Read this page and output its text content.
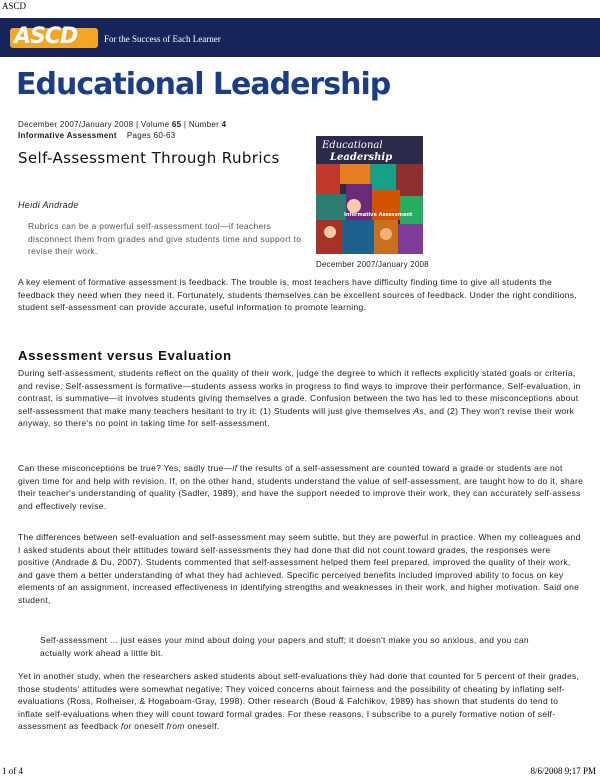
ASCD
ASCD	For the Success of Each Learner
Educational Leadership
December 2007/January 2008 | Volume 65 | Number 4
Informative Assessment Pages 60-63
Self-Assessment Through Rubrics
Heidi Andrade
Rubrics can be a powerful self-assessment tool—if teachers disconnect them from grades and give students time and support to revise their work.
Educational
Leadership
Informative Assessment
December 2007/January 2008

A key element of formative assessment is feedback. The trouble is, most teachers have difficulty finding time to give all students the feedback they need when they need it. Fortunately, students themselves can be excellent sources of feedback. Under the right conditions, student self-assessment can provide accurate, useful information to promote learning.

Assessment versus Evaluation

During self-assessment, students reflect on the quality of their work, judge the degree to which it reflects explicitly stated goals or criteria, and revise. Self-assessment is formative—students assess works in progress to find ways to improve their performance. Self-evaluation, in contrast, is summative—it involves students giving themselves a grade. Confusion between the two has led to these misconceptions about self-assessment that make many teachers hesitant to try it: (1) Students will just give themselves As, and (2) They won't revise their work anyway, so there's no point in taking time for self-assessment.

Can these misconceptions be true? Yes, sadly true—if the results of a self-assessment are counted toward a grade or students are not given time for and help with revision. If, on the other hand, students understand the value of self-assessment, are taught how to do it, share their teacher's understanding of quality (Sadler, 1989), and have the support needed to improve their work, they can accurately self-assess and effectively revise.

The differences between self-evaluation and self-assessment may seem subtle, but they are powerful in practice. When my colleagues and I asked students about their attitudes toward self-assessments they had done that did not count toward grades, the responses were positive (Andrade & Du, 2007). Students commented that self-assessment helped them feel prepared, improved the quality of their work, and gave them a better understanding of what they had achieved. Specific perceived benefits included improved ability to focus on key elements of an assignment, increased effectiveness in identifying strengths and weaknesses in their work, and higher motivation. Said one student,

Self-assessment ... just eases your mind about doing your papers and stuff; it doesn't make you so anxious, and you can actually work ahead a little bit.

Yet in another study, when the researchers asked students about self-evaluations they had done that counted for 5 percent of their grades, those students' attitudes were somewhat negative: They voiced concerns about fairness and the possibility of cheating by inflating self-evaluations (Ross, Rolheiser, & Hogaboam-Gray, 1998). Other research (Boud & Falchikov, 1989) has shown that students do tend to inflate self-evaluations when they will count toward formal grades. For these reasons, I subscribe to a purely formative notion of self-assessment as feedback for oneself from oneself.

1 of 4	8/6/2008 9:17 PM
